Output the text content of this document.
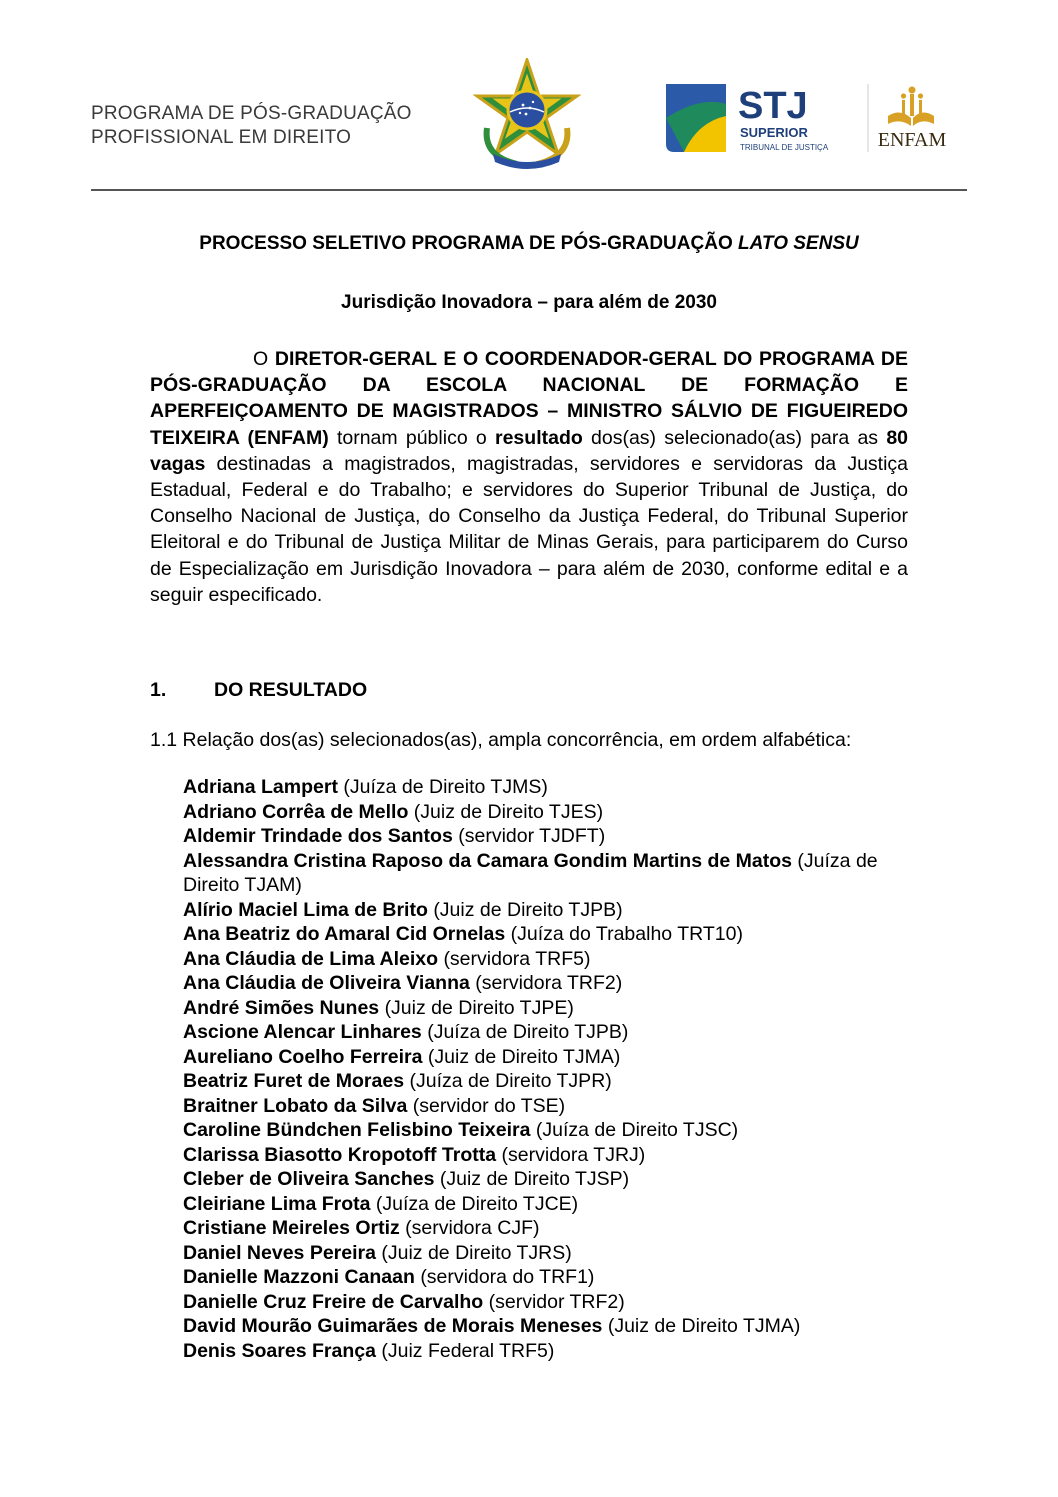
PROGRAMA DE PÓS-GRADUAÇÃO
PROFISSIONAL EM DIREITO
STJ
SUPERIOR
TRIBUNAL DE JUSTIÇA ENFAM
PROCESSO SELETIVO PROGRAMA DE PÓS-GRADUAÇÃO LATO SENSU
Jurisdição Inovadora – para além de 2030
O DIRETOR-GERAL E O COORDENADOR-GERAL DO PROGRAMA DE PÓS-GRADUAÇÃO DA ESCOLA NACIONAL DE FORMAÇÃO E APERFEIÇOAMENTO DE MAGISTRADOS – MINISTRO SÁLVIO DE FIGUEIREDO TEIXEIRA (ENFAM) tornam público o resultado dos(as) selecionado(as) para as 80 vagas destinadas a magistrados, magistradas, servidores e servidoras da Justiça Estadual, Federal e do Trabalho; e servidores do Superior Tribunal de Justiça, do Conselho Nacional de Justiça, do Conselho da Justiça Federal, do Tribunal Superior Eleitoral e do Tribunal de Justiça Militar de Minas Gerais, para participarem do Curso de Especialização em Jurisdição Inovadora – para além de 2030, conforme edital e a seguir especificado.
1. DO RESULTADO
1.1 Relação dos(as) selecionados(as), ampla concorrência, em ordem alfabética:
Adriana Lampert (Juíza de Direito TJMS)
Adriano Corrêa de Mello (Juiz de Direito TJES)
Aldemir Trindade dos Santos (servidor TJDFT)
Alessandra Cristina Raposo da Camara Gondim Martins de Matos (Juíza de Direito TJAM)
Alírio Maciel Lima de Brito (Juiz de Direito TJPB)
Ana Beatriz do Amaral Cid Ornelas (Juíza do Trabalho TRT10)
Ana Cláudia de Lima Aleixo (servidora TRF5)
Ana Cláudia de Oliveira Vianna (servidora TRF2)
André Simões Nunes (Juiz de Direito TJPE)
Ascione Alencar Linhares (Juíza de Direito TJPB)
Aureliano Coelho Ferreira (Juiz de Direito TJMA)
Beatriz Furet de Moraes (Juíza de Direito TJPR)
Braitner Lobato da Silva (servidor do TSE)
Caroline Bündchen Felisbino Teixeira (Juíza de Direito TJSC)
Clarissa Biasotto Kropotoff Trotta (servidora TJRJ)
Cleber de Oliveira Sanches (Juiz de Direito TJSP)
Cleiriane Lima Frota (Juíza de Direito TJCE)
Cristiane Meireles Ortiz (servidora CJF)
Daniel Neves Pereira (Juiz de Direito TJRS)
Danielle Mazzoni Canaan (servidora do TRF1)
Danielle Cruz Freire de Carvalho (servidor TRF2)
David Mourão Guimarães de Morais Meneses (Juiz de Direito TJMA)
Denis Soares França (Juiz Federal TRF5)
